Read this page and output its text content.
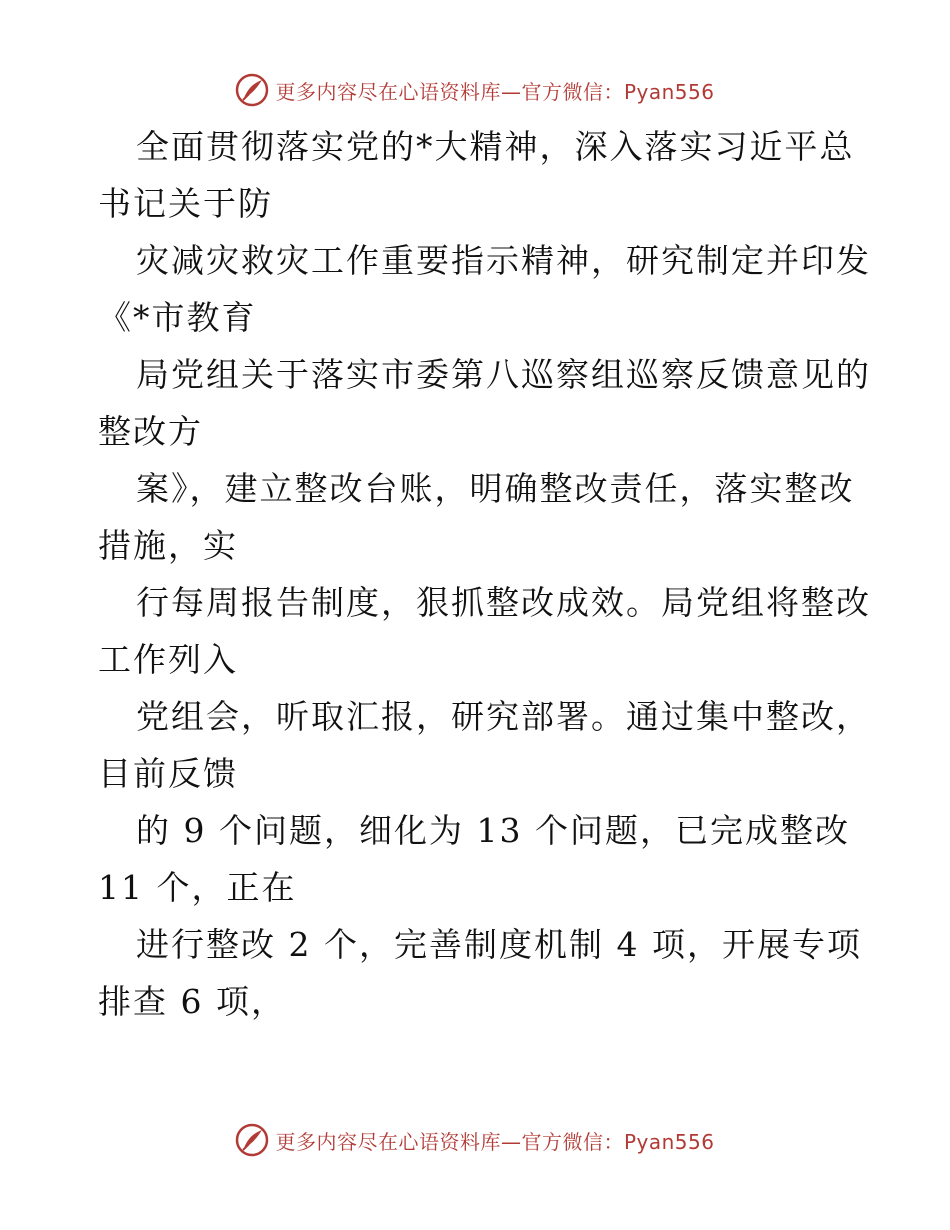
更多内容尽在心语资料库—官方微信：Pyan556
全面贯彻落实党的*大精神，深入落实习近平总
书记关于防
灾减灾救灾工作重要指示精神，研究制定并印发
《*市教育
局党组关于落实市委第八巡察组巡察反馈意见的
整改方
案》，建立整改台账，明确整改责任，落实整改
措施，实
行每周报告制度，狠抓整改成效。局党组将整改
工作列入
党组会，听取汇报，研究部署。通过集中整改，
目前反馈
的 9 个问题，细化为 13 个问题，已完成整改
11 个，正在
进行整改 2 个，完善制度机制 4 项，开展专项
排查 6 项，
更多内容尽在心语资料库—官方微信：Pyan556
